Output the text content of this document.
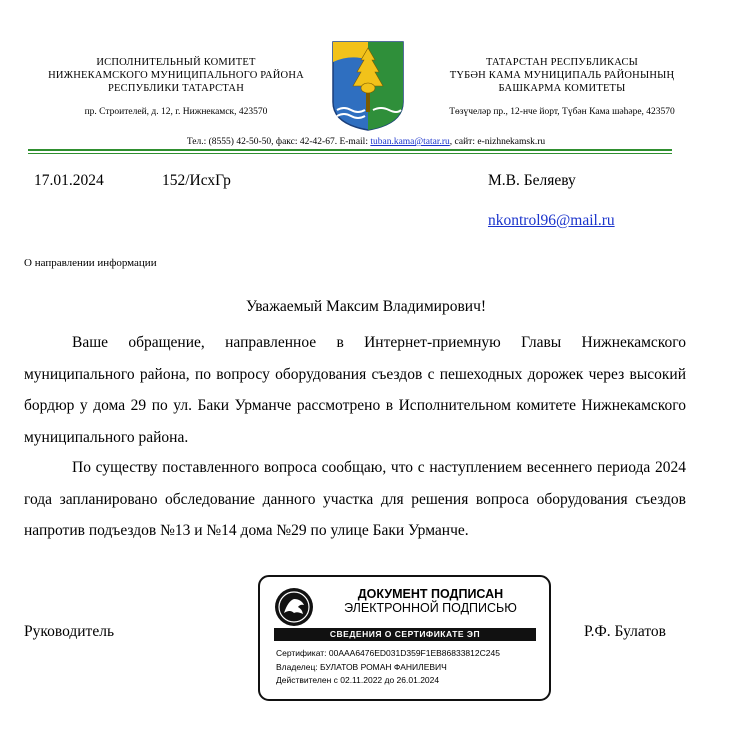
ИСПОЛНИТЕЛЬНЫЙ КОМИТЕТ
НИЖНЕКАМСКОГО МУНИЦИПАЛЬНОГО РАЙОНА
РЕСПУБЛИКИ ТАТАРСТАН
пр. Строителей, д. 12, г. Нижнекамск, 423570
ТАТАРСТАН РЕСПУБЛИКАСЫ
ТҮБӘН КАМА МУНИЦИПАЛЬ РАЙОНЫНЫҢ
БАШКАРМА КОМИТЕТЫ
Төзүчеләр пр., 12-нче йорт, Түбән Кама шәһәре, 423570
Тел.: (8555) 42-50-50, факс: 42-42-67. E-mail: tuban.kama@tatar.ru, сайт: e-nizhnekamsk.ru
17.01.2024	152/ИсхГр	М.В. Беляеву
nkontrol96@mail.ru
О направлении информации
Уважаемый Максим Владимирович!
Ваше обращение, направленное в Интернет-приемную Главы Нижнекамского муниципального района, по вопросу оборудования съездов с пешеходных дорожек через высокий бордюр у дома 29 по ул. Баки Урманче рассмотрено в Исполнительном комитете Нижнекамского муниципального района.
По существу поставленного вопроса сообщаю, что с наступлением весеннего периода 2024 года запланировано обследование данного участка для решения вопроса оборудования съездов напротив подъездов №13 и №14 дома №29 по улице Баки Урманче.
Руководитель	Р.Ф. Булатов
ДОКУМЕНТ ПОДПИСАН
ЭЛЕКТРОННОЙ ПОДПИСЬЮ
СВЕДЕНИЯ О СЕРТИФИКАТЕ ЭП
Сертификат: 00AAA6476ED031D359F1EB86833812C245
Владелец: БУЛАТОВ РОМАН ФАНИЛЕВИЧ
Действителен с 02.11.2022 до 26.01.2024
